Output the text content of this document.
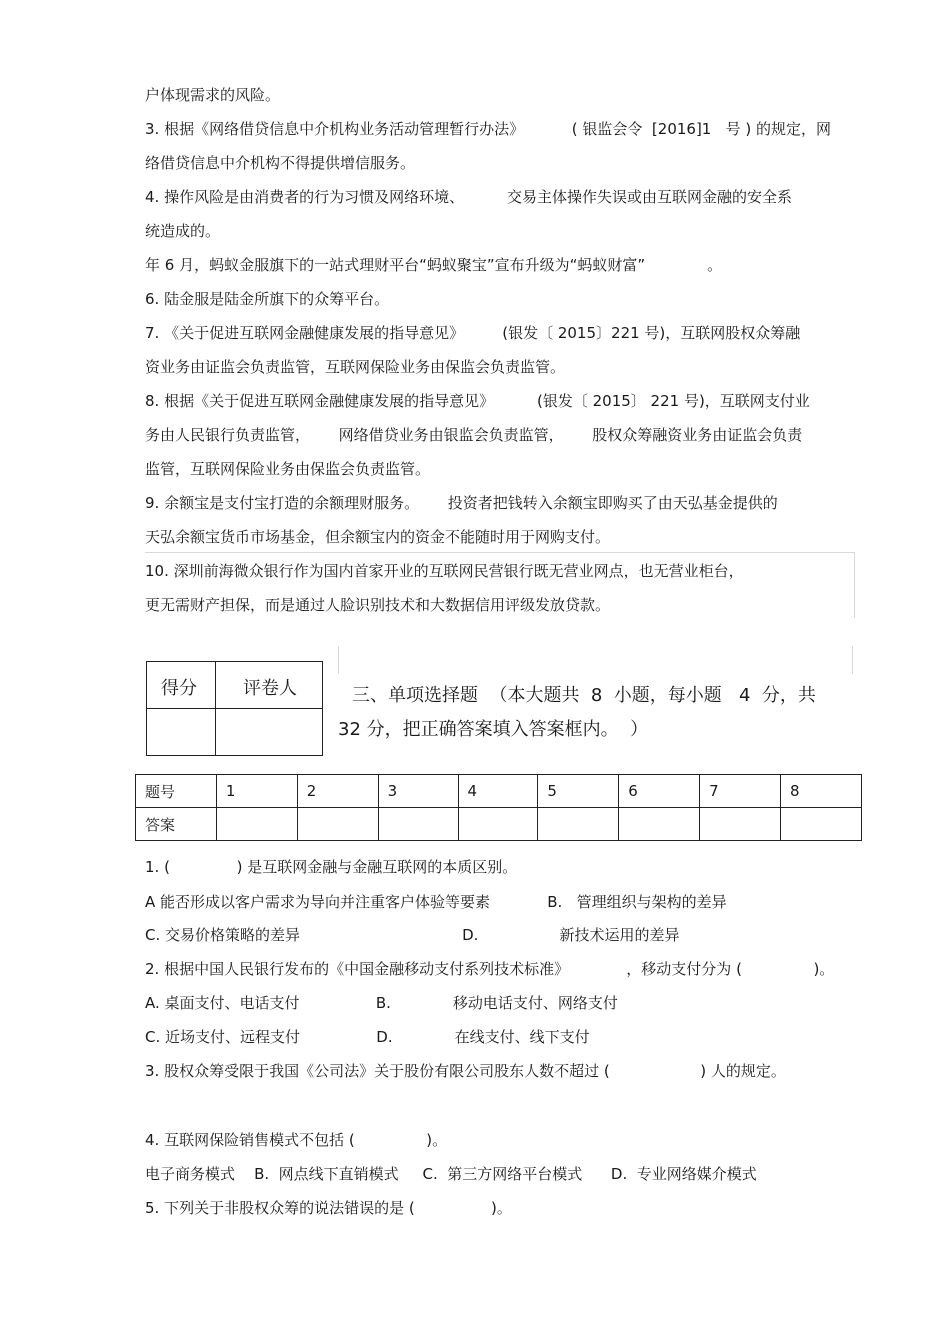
户体现需求的风险。
3. 根据《网络借贷信息中介机构业务活动管理暂行办法》          ( 银监会令  [2016]1   号 ) 的规定，网
络借贷信息中介机构不得提供增信服务。
4. 操作风险是由消费者的行为习惯及网络环境、         交易主体操作失误或由互联网金融的安全系
统造成的。
年 6 月，蚂蚁金服旗下的一站式理财平台“蚂蚁聚宝”宣布升级为“蚂蚁财富”             。
6. 陆金服是陆金所旗下的众筹平台。
7. 《关于促进互联网金融健康发展的指导意见》        (银发〔 2015〕221 号)，互联网股权众筹融
资业务由证监会负责监管，互联网保险业务由保监会负责监管。
8. 根据《关于促进互联网金融健康发展的指导意见》         (银发〔 2015〕 221 号)，互联网支付业
务由人民银行负责监管，      网络借贷业务由银监会负责监管，      股权众筹融资业务由证监会负责
监管，互联网保险业务由保监会负责监管。
9. 余额宝是支付宝打造的余额理财服务。      投资者把钱转入余额宝即购买了由天弘基金提供的
天弘余额宝货币市场基金，但余额宝内的资金不能随时用于网购支付。
10. 深圳前海微众银行作为国内首家开业的互联网民营银行既无营业网点，也无营业柜台，
更无需财产担保，而是通过人脸识别技术和大数据信用评级发放贷款。
得分	评卷人	三、单项选择题  （本大题共  8  小题，每小题   4  分，共
32 分，把正确答案填入答案框内。  ）
题号	1	2	3	4	5	6	7	8
答案								
1. (              ) 是互联网金融与金融互联网的本质区别。
A 能否形成以客户需求为导向并注重客户体验等要素            B.   管理组织与架构的差异
C. 交易价格策略的差异                                  D.                 新技术运用的差异
2. 根据中国人民银行发布的《中国金融移动支付系列技术标准》            ，移动支付分为 (               )。
A. 桌面支付、电话支付                B.             移动电话支付、网络支付
C. 近场支付、远程支付                D.             在线支付、线下支付
3. 股权众筹受限于我国《公司法》关于股份有限公司股东人数不超过 (                   ) 人的规定。
4. 互联网保险销售模式不包括 (               )。
电子商务模式    B.  网点线下直销模式     C.  第三方网络平台模式      D.  专业网络媒介模式
5. 下列关于非股权众筹的说法错误的是 (                )。
